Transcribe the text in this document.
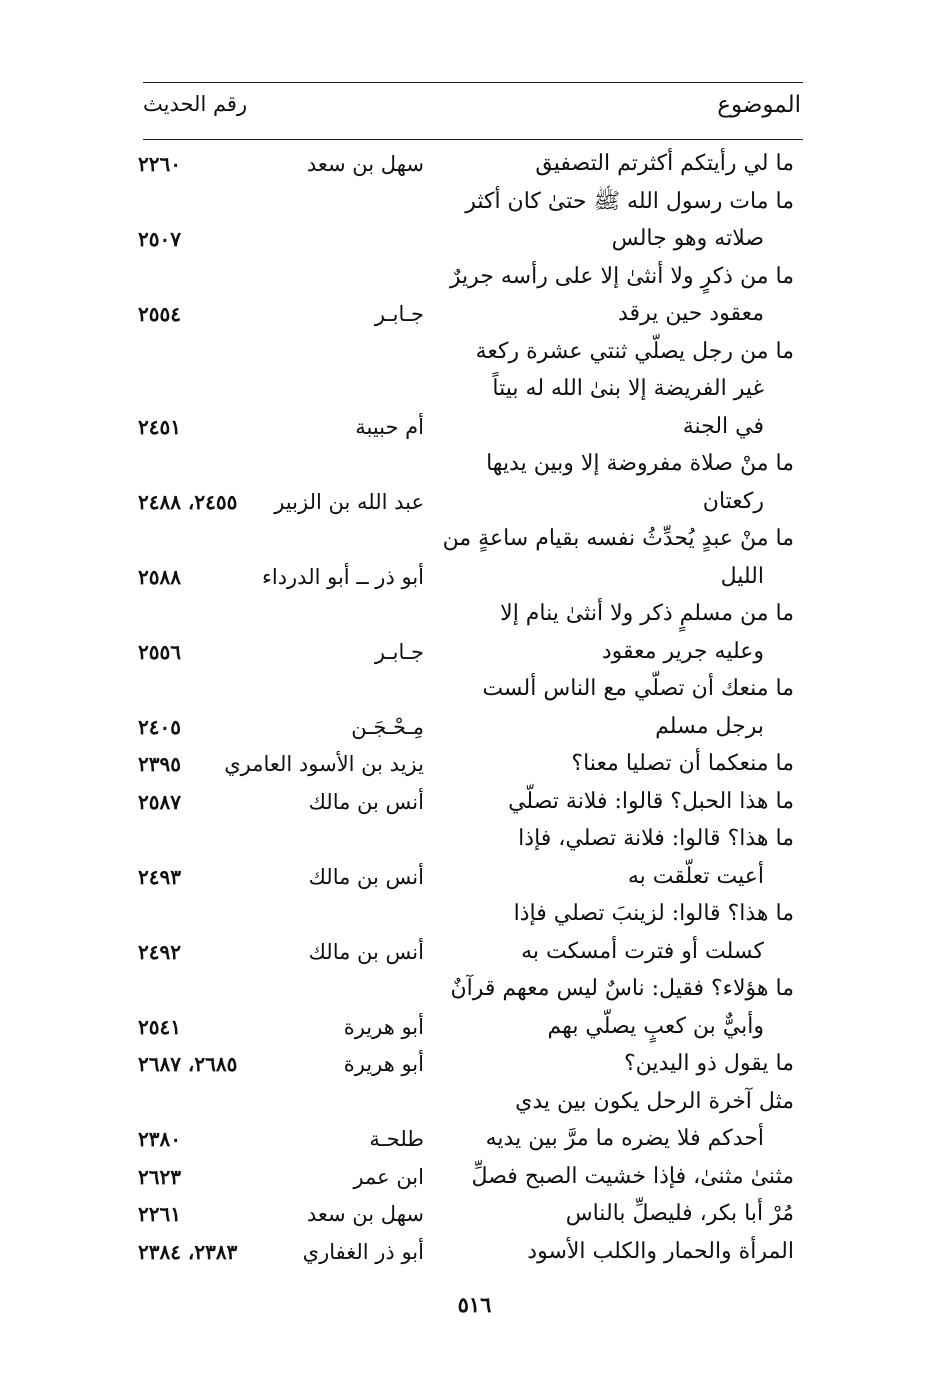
الموضوع
رقم الحديث
ما لي رأيتكم أكثرتم التصفيق
سهل بن سعد
٢٢٦٠
ما مات رسول الله ﷺ حتىٰ كان أكثر
صلاته وهو جالس
٢٥٠٧
ما من ذكرٍ ولا أنثىٰ إلا على رأسه جريرٌ
معقود حين يرقد
جـابـر
٢٥٥٤
ما من رجل يصلّي ثنتي عشرة ركعة
غير الفريضة إلا بنىٰ الله له بيتاً
في الجنة
أم حبيبة
٢٤٥١
ما منْ صلاة مفروضة إلا وبين يديها
ركعتان
عبد الله بن الزبير
٢٤٥٥، ٢٤٨٨
ما منْ عبدٍ يُحدِّثُ نفسه بقيام ساعةٍ من
الليل
أبو ذر ــ أبو الدرداء
٢٥٨٨
ما من مسلمٍ ذكر ولا أنثىٰ ينام إلا
وعليه جرير معقود
جـابـر
٢٥٥٦
ما منعك أن تصلّي مع الناس ألست
برجل مسلم
مِـحْـجَـن
٢٤٠٥
ما منعكما أن تصليا معنا؟
يزيد بن الأسود العامري
٢٣٩٥
ما هذا الحبل؟ قالوا: فلانة تصلّي
أنس بن مالك
٢٥٨٧
ما هذا؟ قالوا: فلانة تصلي، فإذا
أعيت تعلّقت به
أنس بن مالك
٢٤٩٣
ما هذا؟ قالوا: لزينبَ تصلي فإذا
كسلت أو فترت أمسكت به
أنس بن مالك
٢٤٩٢
ما هؤلاء؟ فقيل: ناسٌ ليس معهم قرآنٌ
وأبيٌّ بن كعبٍ يصلّي بهم
أبو هريرة
٢٥٤١
ما يقول ذو اليدين؟
أبو هريرة
٢٦٨٥، ٢٦٨٧
مثل آخرة الرحل يكون بين يدي
أحدكم فلا يضره ما مرَّ بين يديه
طلحـة
٢٣٨٠
مثنىٰ مثنىٰ، فإذا خشيت الصبح فصلِّ
ابن عمر
٢٦٢٣
مُرْ أبا بكر، فليصلِّ بالناس
سهل بن سعد
٢٢٦١
المرأة والحمار والكلب الأسود
أبو ذر الغفاري
٢٣٨٣، ٢٣٨٤
٥١٦
